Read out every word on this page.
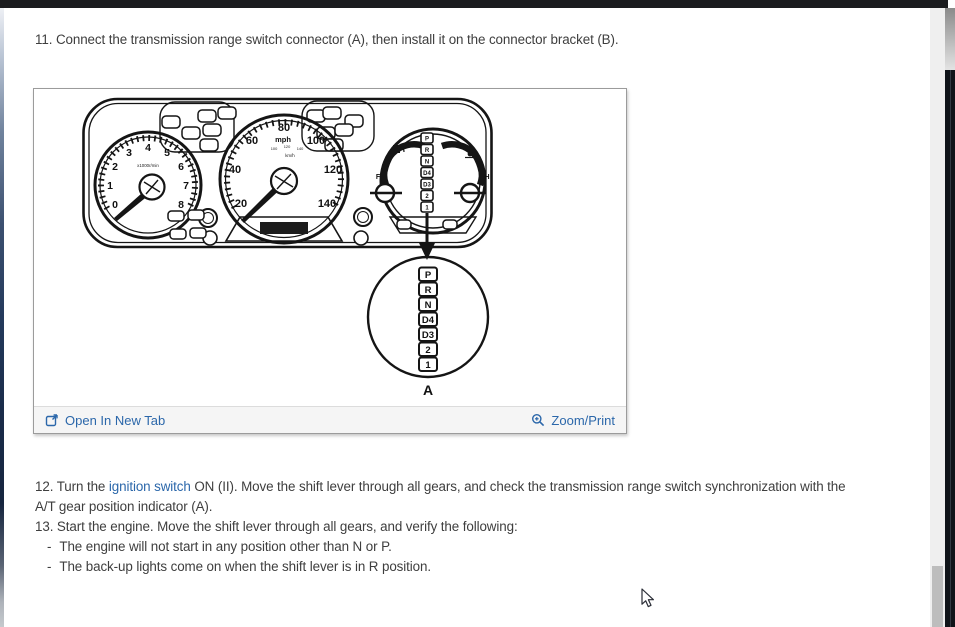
11. Connect the transmission range switch connector (A), then install it on the connector bracket (B).

0
1
2
3 4 5
6
7
8
x1000r/min
20
40
60
80
100
120
140
mph
100 120 140
km/h
F	H
P
R
N
D4
D3
2
1
P
R
N
D4
D3
2
1
A
Open In New Tab	Zoom/Print

12. Turn the ignition switch ON (II). Move the shift lever through all gears, and check the transmission range switch synchronization with the
A/T gear position indicator (A).

13. Start the engine. Move the shift lever through all gears, and verify the following:

- The engine will not start in any position other than N or P.

- The back-up lights come on when the shift lever is in R position.
